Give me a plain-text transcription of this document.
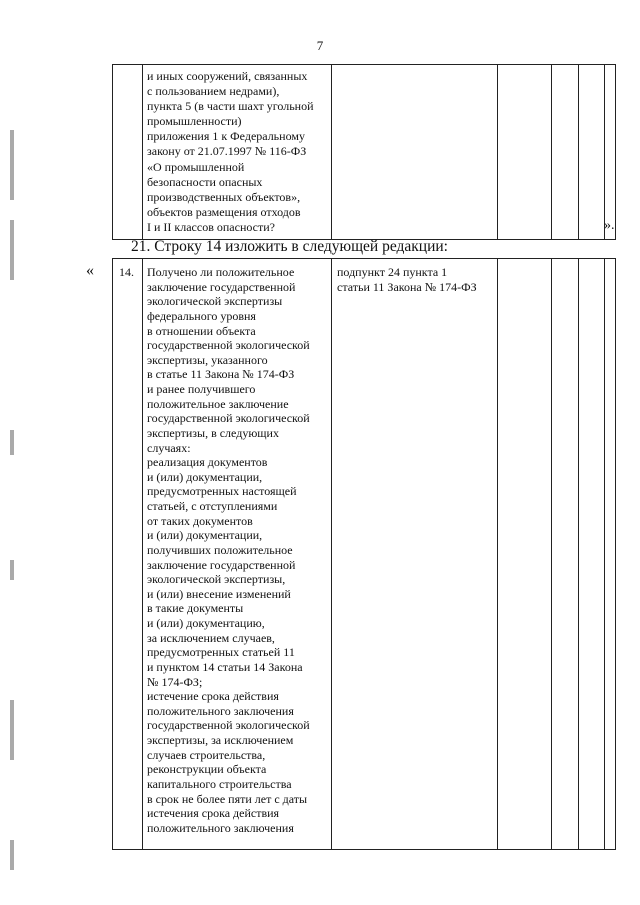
7
и иных сооружений, связанных
с пользованием недрами),
пункта 5 (в части шахт угольной
промышленности)
приложения 1 к Федеральному
закону от 21.07.1997 № 116-ФЗ
«О промышленной
безопасности опасных
производственных объектов»,
объектов размещения отходов
I и II классов опасности?	».
21. Строку 14 изложить в следующей редакции:
« 14. Получено ли положительное
заключение государственной
экологической экспертизы
федерального уровня
в отношении объекта
государственной экологической
экспертизы, указанного
в статье 11 Закона № 174-ФЗ
и ранее получившего
положительное заключение
государственной экологической
экспертизы, в следующих
случаях:
реализация документов
и (или) документации,
предусмотренных настоящей
статьей, с отступлениями
от таких документов
и (или) документации,
получивших положительное
заключение государственной
экологической экспертизы,
и (или) внесение изменений
в такие документы
и (или) документацию,
за исключением случаев,
предусмотренных статьей 11
и пунктом 14 статьи 14 Закона
№ 174-ФЗ;
истечение срока действия
положительного заключения
государственной экологической
экспертизы, за исключением
случаев строительства,
реконструкции объекта
капитального строительства
в срок не более пяти лет с даты
истечения срока действия
положительного заключения
подпункт 24 пункта 1
статьи 11 Закона № 174-ФЗ
